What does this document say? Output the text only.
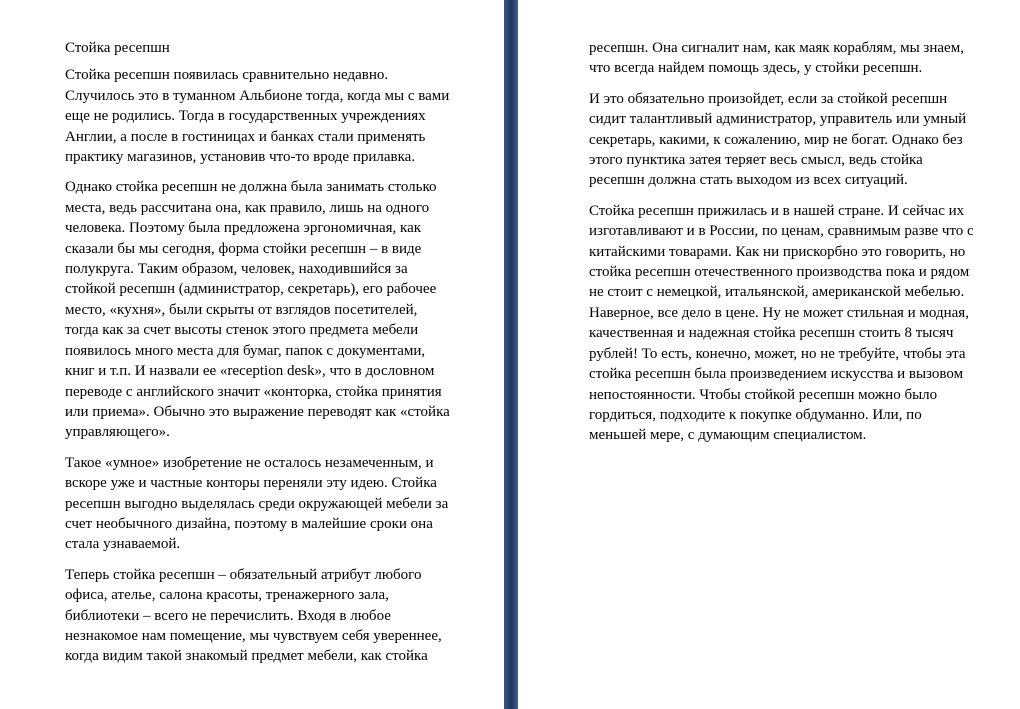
Стойка ресепшн

Стойка ресепшн появилась сравнительно недавно.
Случилось это в туманном Альбионе тогда, когда мы с вами
еще не родились. Тогда в государственных учреждениях
Англии, а после в гостиницах и банках стали применять
практику магазинов, установив что-то вроде прилавка.

Однако стойка ресепшн не должна была занимать столько
места, ведь рассчитана она, как правило, лишь на одного
человека. Поэтому была предложена эргономичная, как
сказали бы мы сегодня, форма стойки ресепшн – в виде
полукруга. Таким образом, человек, находившийся за
стойкой ресепшн (администратор, секретарь), его рабочее
место, «кухня», были скрыты от взглядов посетителей,
тогда как за счет высоты стенок этого предмета мебели
появилось много места для бумаг, папок с документами,
книг и т.п. И назвали ее «reception desk», что в дословном
переводе с английского значит «конторка, стойка принятия
или приема». Обычно это выражение переводят как «стойка
управляющего».

Такое «умное» изобретение не осталось незамеченным, и
вскоре уже и частные конторы переняли эту идею. Стойка
ресепшн выгодно выделялась среди окружающей мебели за
счет необычного дизайна, поэтому в малейшие сроки она
стала узнаваемой.

Теперь стойка ресепшн – обязательный атрибут любого
офиса, ателье, салона красоты, тренажерного зала,
библиотеки – всего не перечислить. Входя в любое
незнакомое нам помещение, мы чувствуем себя увереннее,
когда видим такой знакомый предмет мебели, как стойка

ресепшн. Она сигналит нам, как маяк кораблям, мы знаем,
что всегда найдем помощь здесь, у стойки ресепшн.

И это обязательно произойдет, если за стойкой ресепшн
сидит талантливый администратор, управитель или умный
секретарь, какими, к сожалению, мир не богат. Однако без
этого пунктика затея теряет весь смысл, ведь стойка
ресепшн должна стать выходом из всех ситуаций.

Стойка ресепшн прижилась и в нашей стране. И сейчас их
изготавливают и в России, по ценам, сравнимым разве что с
китайскими товарами. Как ни прискорбно это говорить, но
стойка ресепшн отечественного производства пока и рядом
не стоит с немецкой, итальянской, американской мебелью.
Наверное, все дело в цене. Ну не может стильная и модная,
качественная и надежная стойка ресепшн стоить 8 тысяч
рублей! То есть, конечно, может, но не требуйте, чтобы эта
стойка ресепшн была произведением искусства и вызовом
непостоянности. Чтобы стойкой ресепшн можно было
гордиться, подходите к покупке обдуманно. Или, по
меньшей мере, с думающим специалистом.
